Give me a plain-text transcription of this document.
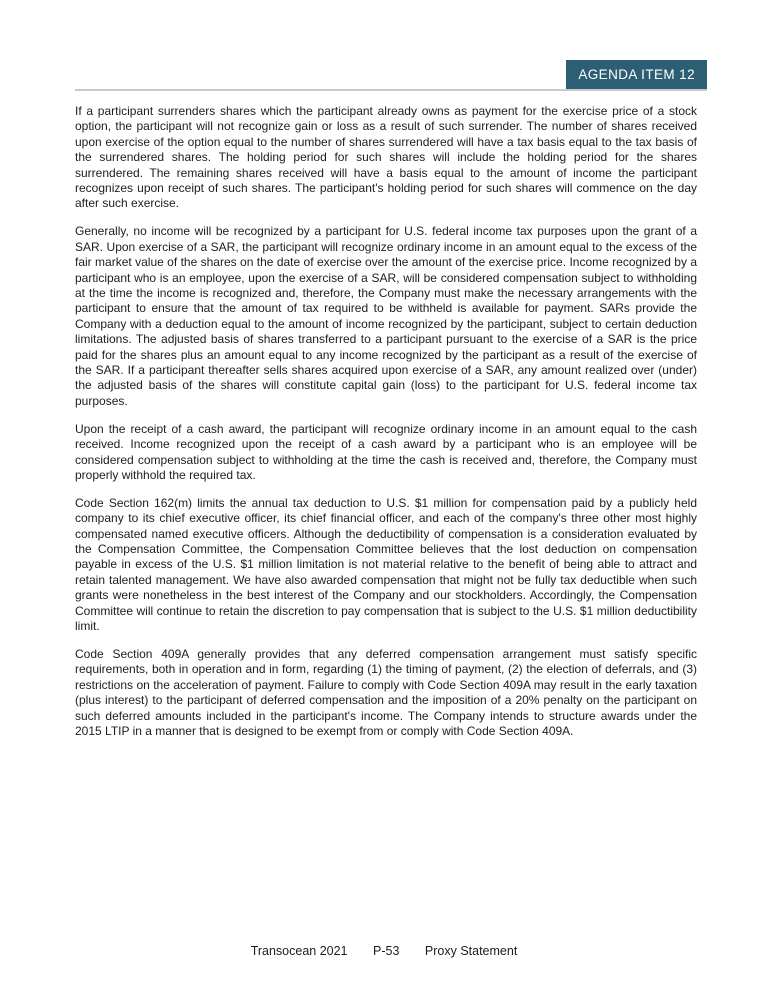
AGENDA ITEM 12

If a participant surrenders shares which the participant already owns as payment for the exercise price of a stock option, the participant will not recognize gain or loss as a result of such surrender. The number of shares received upon exercise of the option equal to the number of shares surrendered will have a tax basis equal to the tax basis of the surrendered shares. The holding period for such shares will include the holding period for the shares surrendered. The remaining shares received will have a basis equal to the amount of income the participant recognizes upon receipt of such shares. The participant's holding period for such shares will commence on the day after such exercise.

Generally, no income will be recognized by a participant for U.S. federal income tax purposes upon the grant of a SAR. Upon exercise of a SAR, the participant will recognize ordinary income in an amount equal to the excess of the fair market value of the shares on the date of exercise over the amount of the exercise price. Income recognized by a participant who is an employee, upon the exercise of a SAR, will be considered compensation subject to withholding at the time the income is recognized and, therefore, the Company must make the necessary arrangements with the participant to ensure that the amount of tax required to be withheld is available for payment. SARs provide the Company with a deduction equal to the amount of income recognized by the participant, subject to certain deduction limitations. The adjusted basis of shares transferred to a participant pursuant to the exercise of a SAR is the price paid for the shares plus an amount equal to any income recognized by the participant as a result of the exercise of the SAR. If a participant thereafter sells shares acquired upon exercise of a SAR, any amount realized over (under) the adjusted basis of the shares will constitute capital gain (loss) to the participant for U.S. federal income tax purposes.

Upon the receipt of a cash award, the participant will recognize ordinary income in an amount equal to the cash received. Income recognized upon the receipt of a cash award by a participant who is an employee will be considered compensation subject to withholding at the time the cash is received and, therefore, the Company must properly withhold the required tax.

Code Section 162(m) limits the annual tax deduction to U.S. $1 million for compensation paid by a publicly held company to its chief executive officer, its chief financial officer, and each of the company's three other most highly compensated named executive officers. Although the deductibility of compensation is a consideration evaluated by the Compensation Committee, the Compensation Committee believes that the lost deduction on compensation payable in excess of the U.S. $1 million limitation is not material relative to the benefit of being able to attract and retain talented management. We have also awarded compensation that might not be fully tax deductible when such grants were nonetheless in the best interest of the Company and our stockholders. Accordingly, the Compensation Committee will continue to retain the discretion to pay compensation that is subject to the U.S. $1 million deductibility limit.

Code Section 409A generally provides that any deferred compensation arrangement must satisfy specific requirements, both in operation and in form, regarding (1) the timing of payment, (2) the election of deferrals, and (3) restrictions on the acceleration of payment. Failure to comply with Code Section 409A may result in the early taxation (plus interest) to the participant of deferred compensation and the imposition of a 20% penalty on the participant on such deferred amounts included in the participant's income. The Company intends to structure awards under the 2015 LTIP in a manner that is designed to be exempt from or comply with Code Section 409A.

Transocean 2021 P-53 Proxy Statement
